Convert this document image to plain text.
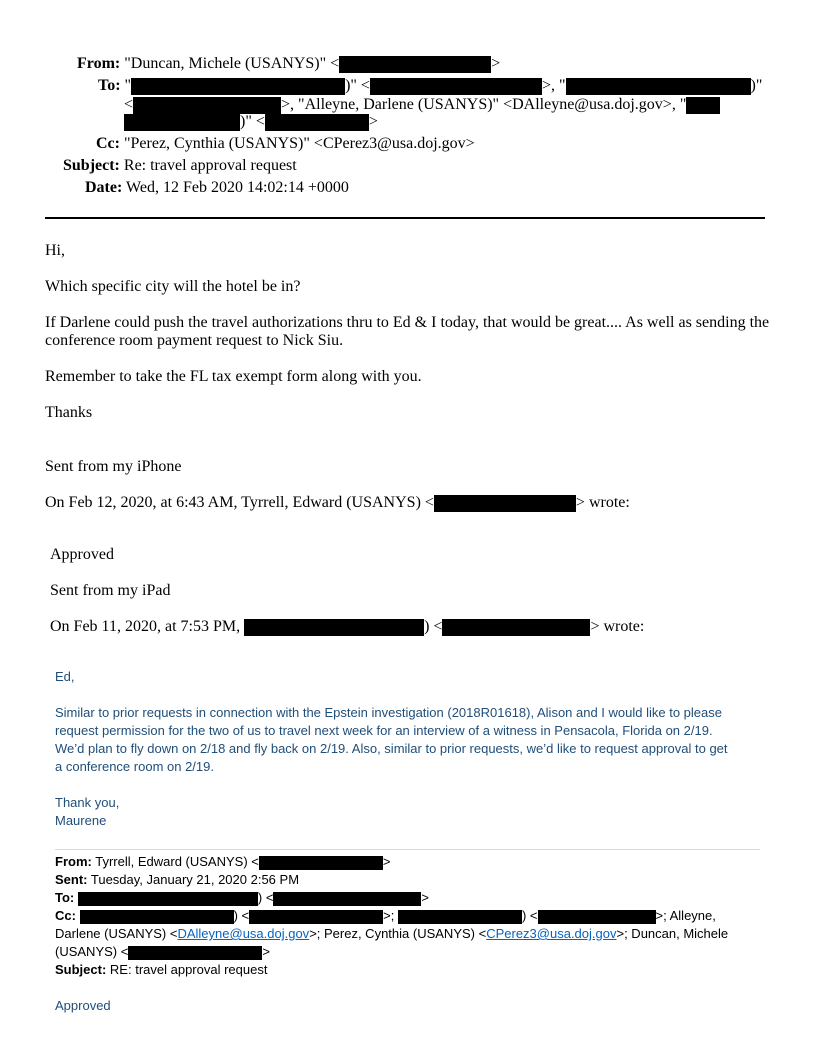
From: "Duncan, Michele (USANYS)" <	>
To: "	)" <	>, "	)"
<	>, "Alleyne, Darlene (USANYS)" <DAlleyne@usa.doj.gov>, "
)" <	>
Cc: "Perez, Cynthia (USANYS)" <CPerez3@usa.doj.gov>
Subject: Re: travel approval request
Date: Wed, 12 Feb 2020 14:02:14 +0000
Hi,
Which specific city will the hotel be in?
If Darlene could push the travel authorizations thru to Ed & I today, that would be great.... As well as sending the
conference room payment request to Nick Siu.
Remember to take the FL tax exempt form along with you.
Thanks
Sent from my iPhone
On Feb 12, 2020, at 6:43 AM, Tyrrell, Edward (USANYS) <	> wrote:
Approved
Sent from my iPad
On Feb 11, 2020, at 7:53 PM,	) <	> wrote:
Ed,
Similar to prior requests in connection with the Epstein investigation (2018R01618), Alison and I would like to please
request permission for the two of us to travel next week for an interview of a witness in Pensacola, Florida on 2/19.
We’d plan to fly down on 2/18 and fly back on 2/19. Also, similar to prior requests, we’d like to request approval to get
a conference room on 2/19.
Thank you,
Maurene
From: Tyrrell, Edward (USANYS) <	>
Sent: Tuesday, January 21, 2020 2:56 PM
To:	) <	>
Cc:	) <	>;	) <	>; Alleyne,
Darlene (USANYS) <DAlleyne@usa.doj.gov>; Perez, Cynthia (USANYS) <CPerez3@usa.doj.gov>; Duncan, Michele
(USANYS) <	>
Subject: RE: travel approval request
Approved
